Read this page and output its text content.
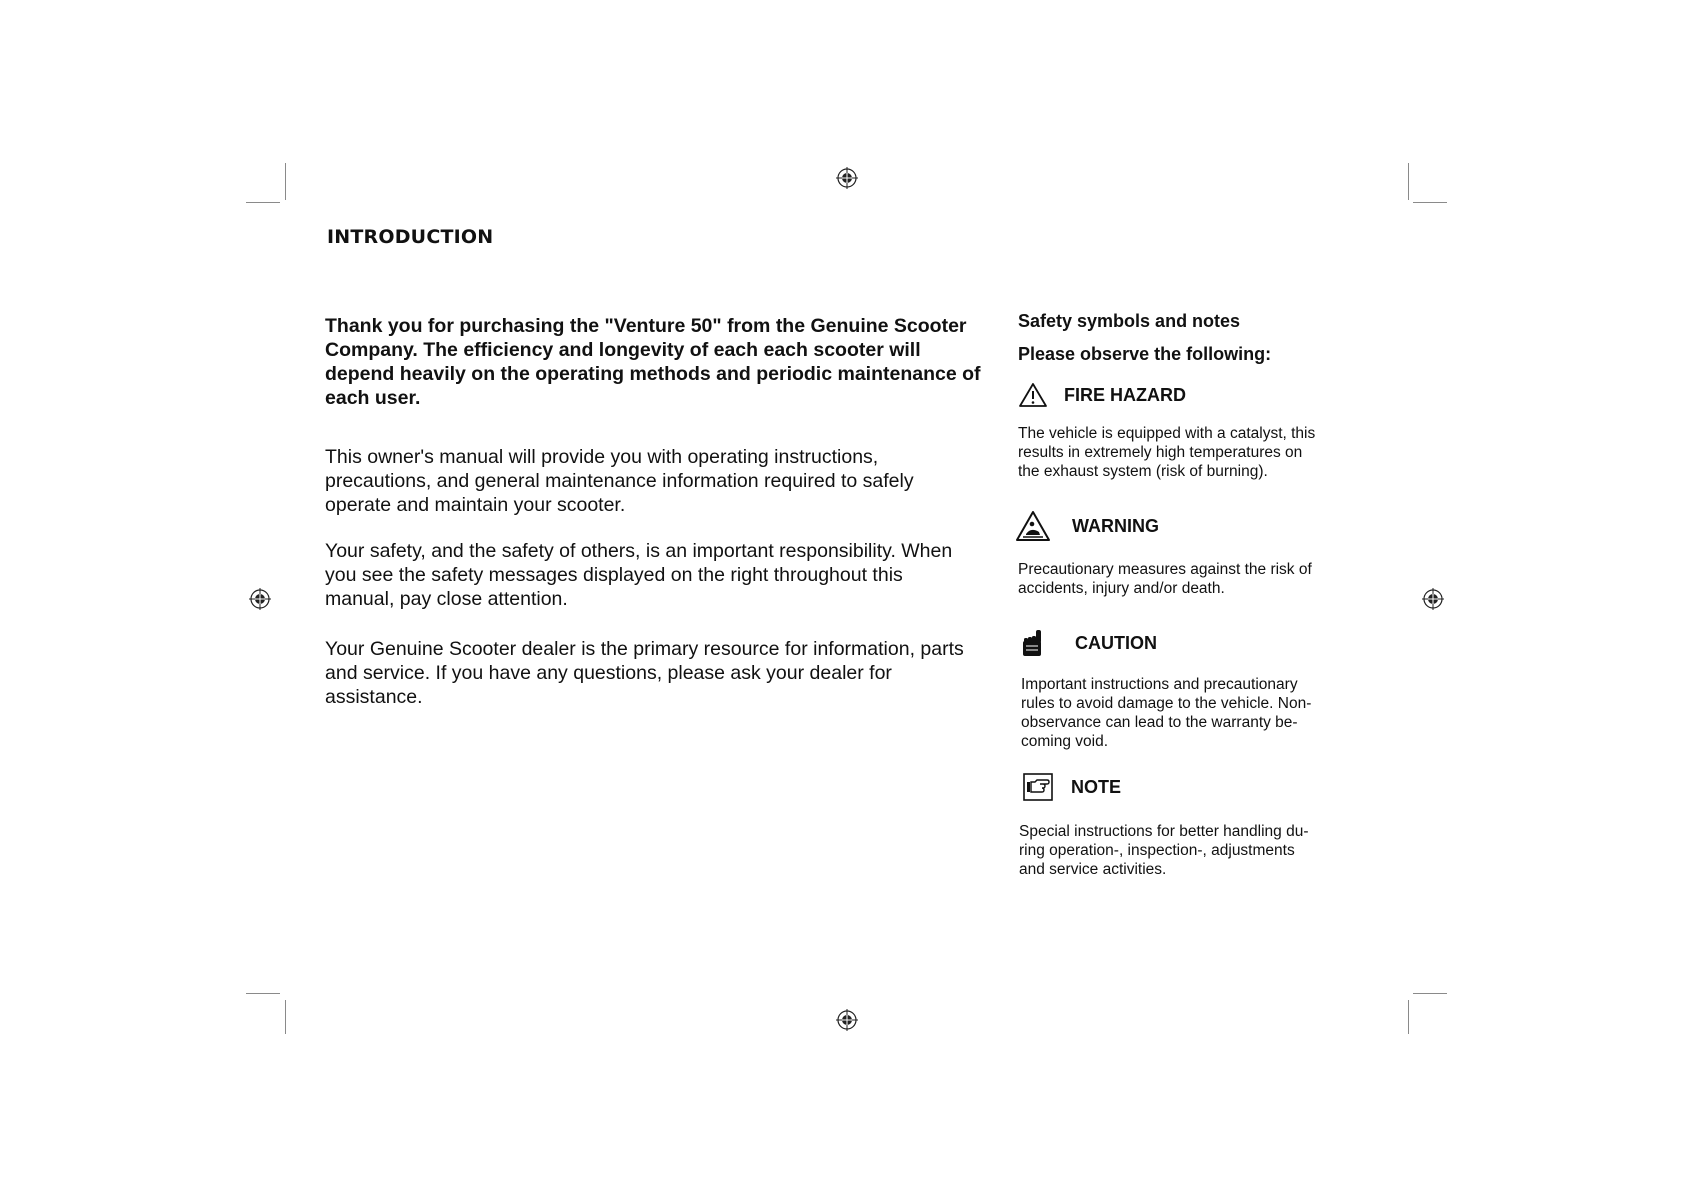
INTRODUCTION
Thank you for purchasing the "Venture 50" from the Genuine Scooter
Company. The efficiency and longevity of each each scooter will
depend heavily on the operating methods and periodic maintenance of
each user.
This owner's manual will provide you with operating instructions,
precautions, and general maintenance information required to safely
operate and maintain your scooter.
Your safety, and the safety of others, is an important responsibility. When
you see the safety messages displayed on the right throughout this
manual, pay close attention.
Your Genuine Scooter dealer is the primary resource for information, parts
and service. If you have any questions, please ask your dealer for
assistance.
Safety symbols and notes
Please observe the following:
FIRE HAZARD
The vehicle is equipped with a catalyst, this
results in extremely high temperatures on
the exhaust system (risk of burning).
WARNING
Precautionary measures against the risk of
accidents, injury and/or death.
CAUTION
Important instructions and precautionary
rules to avoid damage to the vehicle. Non-
observance can lead to the warranty be-
coming void.
NOTE
Special instructions for better handling du-
ring operation-, inspection-, adjustments
and service activities.
